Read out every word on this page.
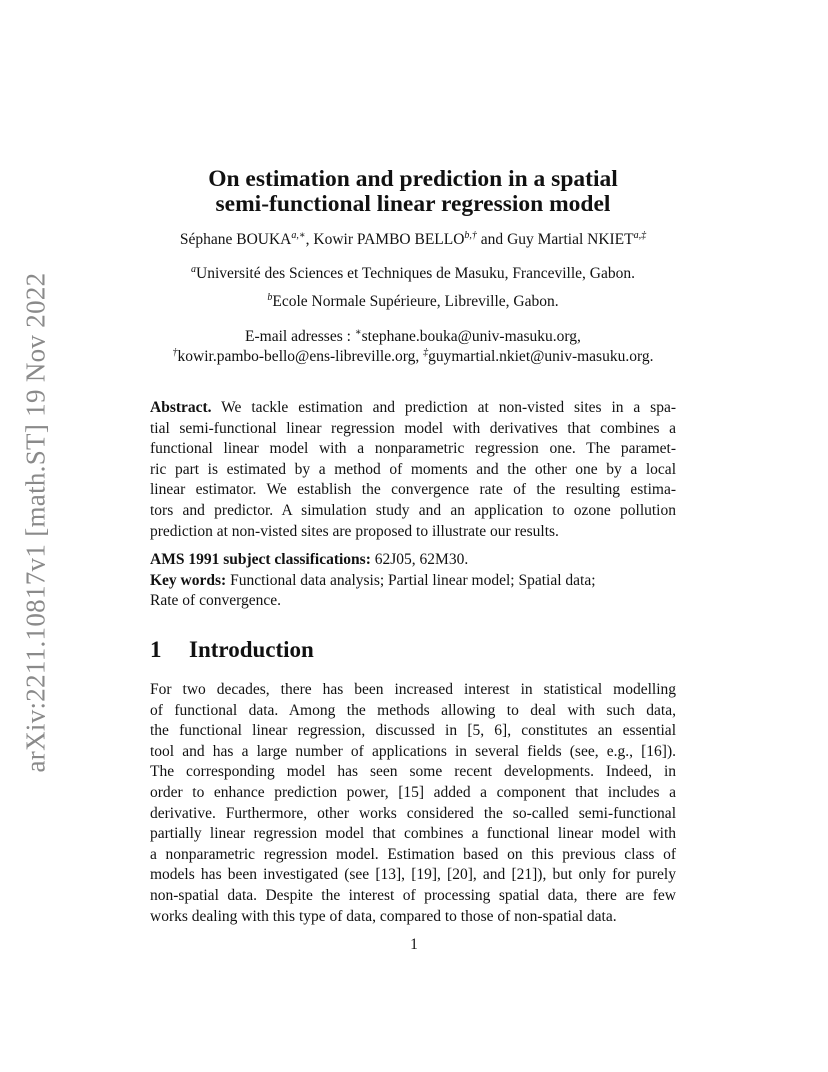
arXiv:2211.10817v1 [math.ST] 19 Nov 2022
On estimation and prediction in a spatial
semi-functional linear regression model
Séphane $BOUKA^{a,∗}$, Kowir PAMBO $BELLO^{b,\dagger}$ and Guy Martial $NKIET^{a,\ddagger}$
$^a$Université des Sciences et Techniques de Masuku, Franceville, Gabon.
$^b$Ecole Normale Supérieure, Libreville, Gabon.
E-mail adresses : ∗stephane.bouka@univ-masuku.org,
†kowir.pambo-bello@ens-libreville.org, ‡guymartial.nkiet@univ-masuku.org.
Abstract. We tackle estimation and prediction at non-visted sites in a spa-
tial semi-functional linear regression model with derivatives that combines a
functional linear model with a nonparametric regression one. The paramet-
ric part is estimated by a method of moments and the other one by a local
linear estimator. We establish the convergence rate of the resulting estima-
tors and predictor. A simulation study and an application to ozone pollution
prediction at non-visted sites are proposed to illustrate our results.
AMS 1991 subject classifications: 62J05, 62M30.
Key words: Functional data analysis; Partial linear model; Spatial data;
Rate of convergence.
1 Introduction
For two decades, there has been increased interest in statistical modelling
of functional data. Among the methods allowing to deal with such data,
the functional linear regression, discussed in [5, 6], constitutes an essential
tool and has a large number of applications in several fields (see, e.g., [16]).
The corresponding model has seen some recent developments. Indeed, in
order to enhance prediction power, [15] added a component that includes a
derivative. Furthermore, other works considered the so-called semi-functional
partially linear regression model that combines a functional linear model with
a nonparametric regression model. Estimation based on this previous class of
models has been investigated (see [13], [19], [20], and [21]), but only for purely
non-spatial data. Despite the interest of processing spatial data, there are few
works dealing with this type of data, compared to those of non-spatial data.
1
